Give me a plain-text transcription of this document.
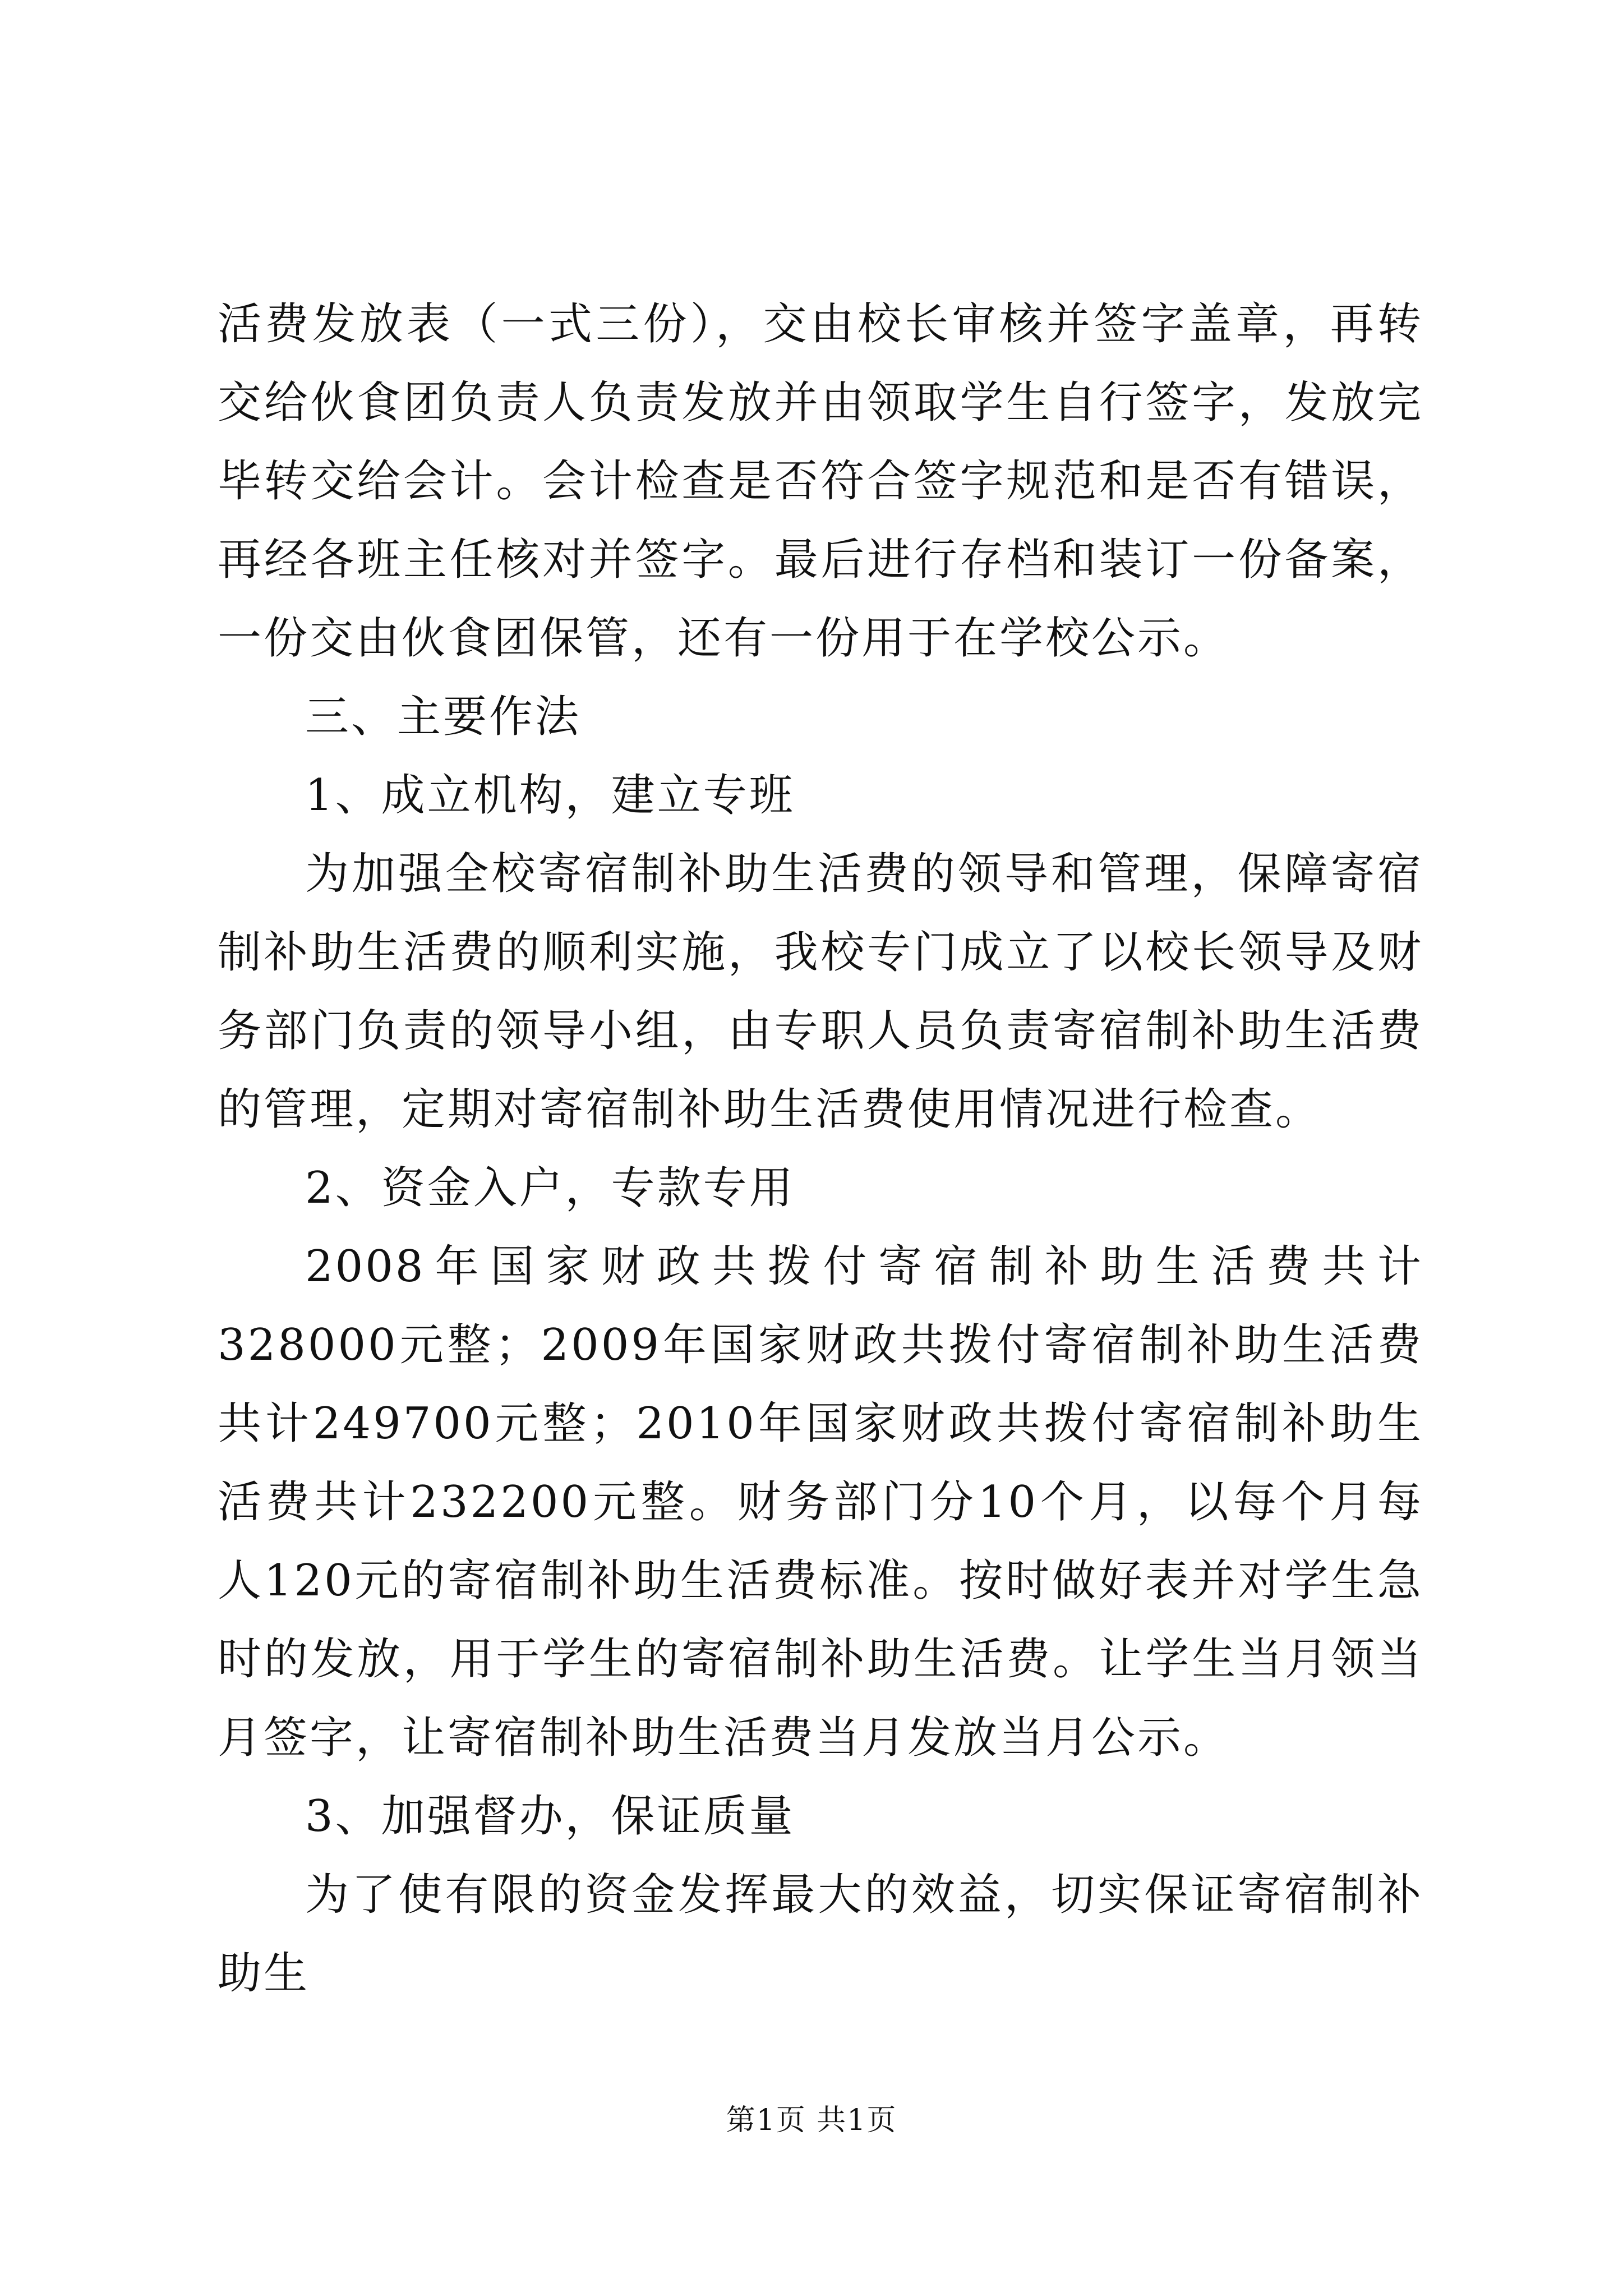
活费发放表（一式三份），交由校长审核并签字盖章，再转交给伙食团负责人负责发放并由领取学生自行签字，发放完毕转交给会计。会计检查是否符合签字规范和是否有错误，再经各班主任核对并签字。最后进行存档和装订一份备案，一份交由伙食团保管，还有一份用于在学校公示。

三、主要作法

1、成立机构，建立专班

为加强全校寄宿制补助生活费的领导和管理，保障寄宿制补助生活费的顺利实施，我校专门成立了以校长领导及财务部门负责的领导小组，由专职人员负责寄宿制补助生活费的管理，定期对寄宿制补助生活费使用情况进行检查。

2、资金入户，专款专用

2008年国家财政共拨付寄宿制补助生活费共计328000元整；2009年国家财政共拨付寄宿制补助生活费共计249700元整；2010年国家财政共拨付寄宿制补助生活费共计232200元整。财务部门分10个月，以每个月每人120元的寄宿制补助生活费标准。按时做好表并对学生急时的发放，用于学生的寄宿制补助生活费。让学生当月领当月签字，让寄宿制补助生活费当月发放当月公示。

3、加强督办，保证质量

为了使有限的资金发挥最大的效益，切实保证寄宿制补助生

第1页 共1页
